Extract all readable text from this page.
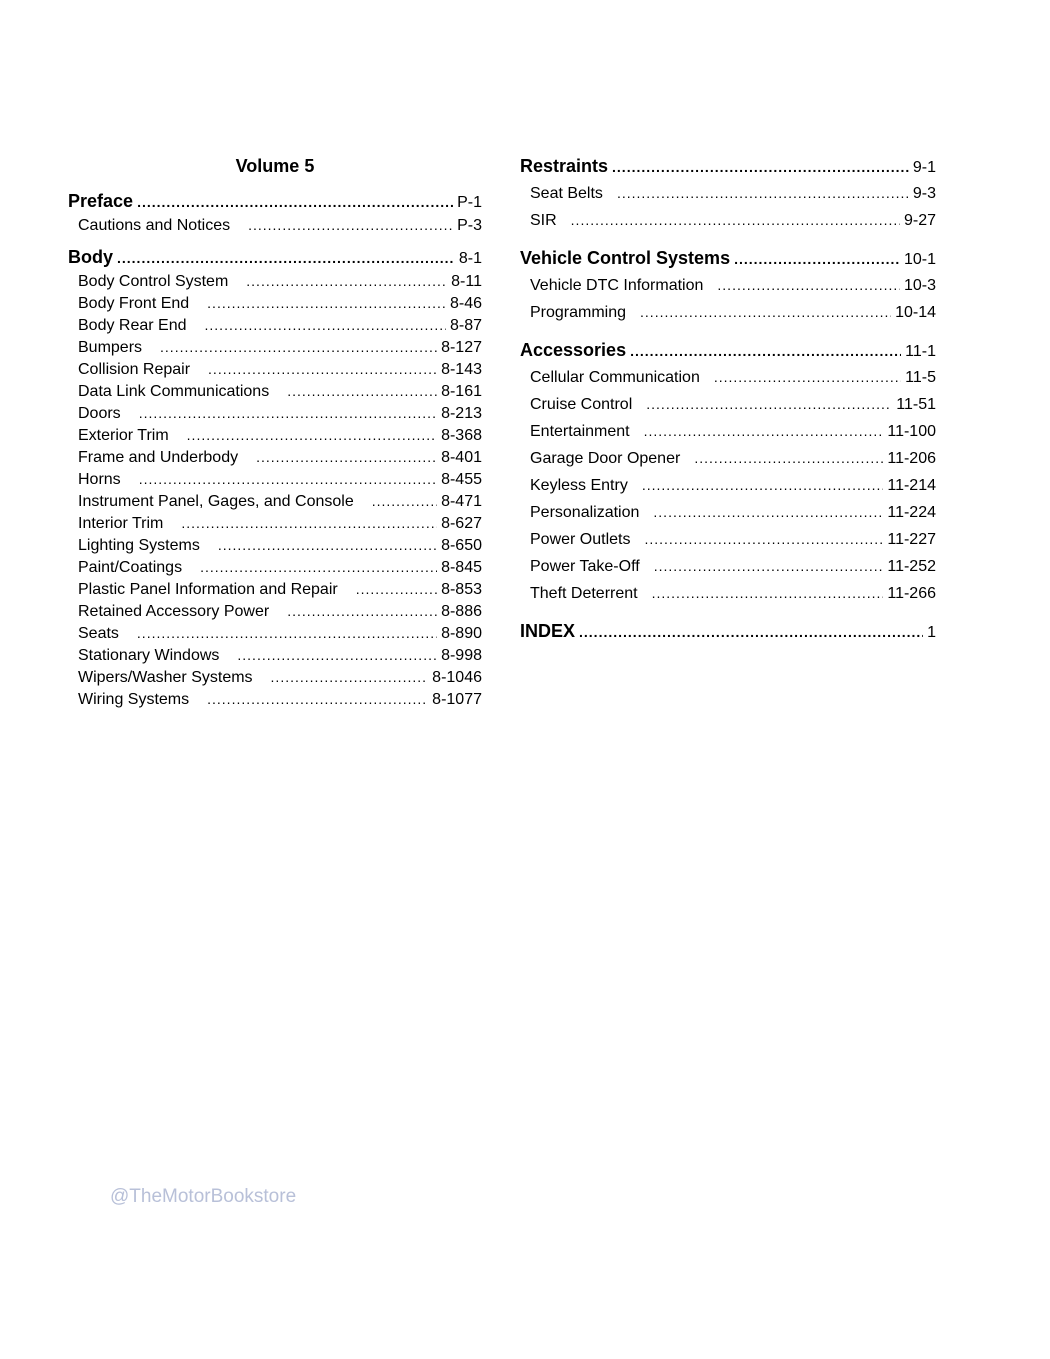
Volume 5
Preface .....	P-1
Cautions and Notices .....	P-3
Body .....	8-1
Body Control System .....	8-11
Body Front End .....	8-46
Body Rear End .....	8-87
Bumpers .....	8-127
Collision Repair .....	8-143
Data Link Communications .....	8-161
Doors .....	8-213
Exterior Trim .....	8-368
Frame and Underbody .....	8-401
Horns .....	8-455
Instrument Panel, Gages, and Console .....	8-471
Interior Trim .....	8-627
Lighting Systems .....	8-650
Paint/Coatings .....	8-845
Plastic Panel Information and Repair .....	8-853
Retained Accessory Power .....	8-886
Seats .....	8-890
Stationary Windows .....	8-998
Wipers/Washer Systems .....	8-1046
Wiring Systems .....	8-1077
Restraints .....	9-1
Seat Belts .....	9-3
SIR .....	9-27
Vehicle Control Systems .....	10-1
Vehicle DTC Information .....	10-3
Programming .....	10-14
Accessories .....	11-1
Cellular Communication .....	11-5
Cruise Control .....	11-51
Entertainment .....	11-100
Garage Door Opener .....	11-206
Keyless Entry .....	11-214
Personalization .....	11-224
Power Outlets .....	11-227
Power Take-Off .....	11-252
Theft Deterrent .....	11-266
INDEX .....	1
@TheMotorBookstore
